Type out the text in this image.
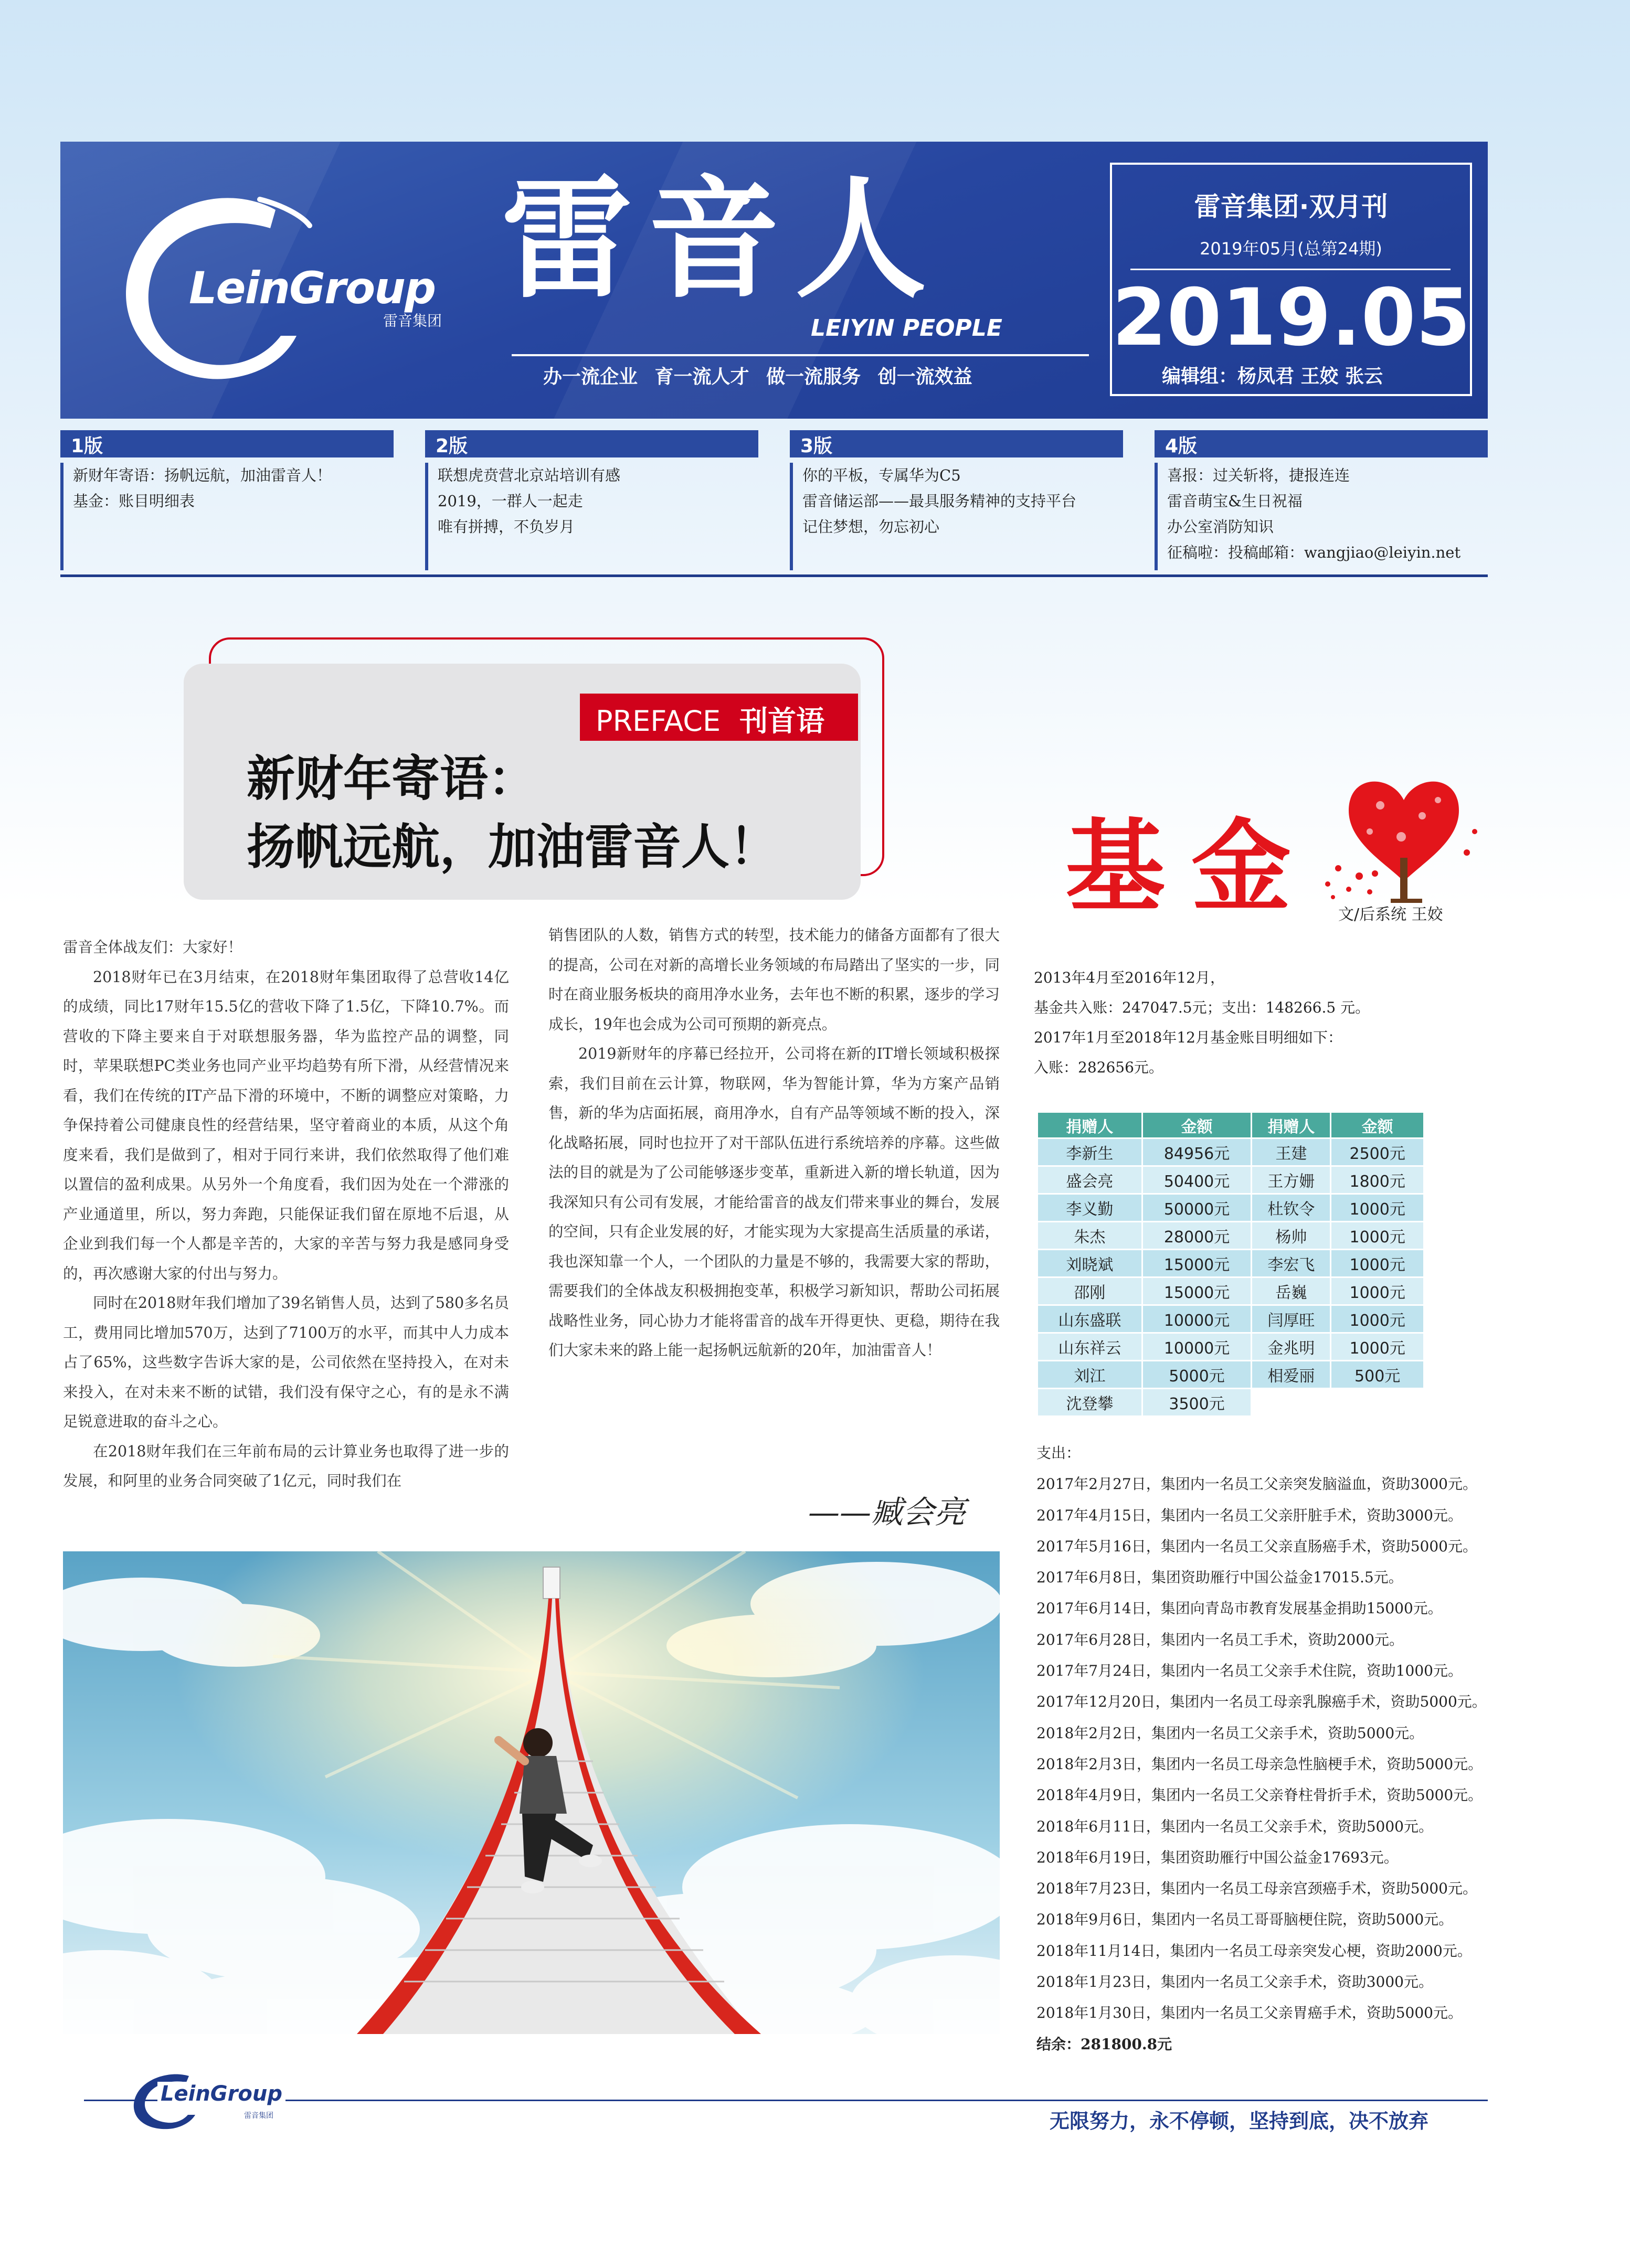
LeinGroup
雷音集团
雷音人
LEIYIN PEOPLE
办一流企业 育一流人才 做一流服务 创一流效益
雷音集团·双月刊
2019年05月(总第24期)
2019.05
编辑组：杨凤君 王姣 张云
1版
新财年寄语：扬帆远航，加油雷音人！
基金：账目明细表
2版
联想虎贲营北京站培训有感
2019，一群人一起走
唯有拼搏，不负岁月
3版
你的平板，专属华为C5
雷音储运部——最具服务精神的支持平台
记住梦想，勿忘初心
4版
喜报：过关斩将，捷报连连
雷音萌宝&生日祝福
办公室消防知识
征稿啦：投稿邮箱：wangjiao@leiyin.net
PREFACE 刊首语
新财年寄语：
扬帆远航，加油雷音人！	基金 文/后系统 王姣

雷音全体战友们：大家好！

2018财年已在3月结束，在2018财年集团取得了总营收14亿的成绩，同比17财年15.5亿的营收下降了1.5亿，下降10.7%。而营收的下降主要来自于对联想服务器，华为监控产品的调整，同时，苹果联想PC类业务也同产业平均趋势有所下滑，从经营情况来看，我们在传统的IT产品下滑的环境中，不断的调整应对策略，力争保持着公司健康良性的经营结果，坚守着商业的本质，从这个角度来看，我们是做到了，相对于同行来讲，我们依然取得了他们难以置信的盈利成果。从另外一个角度看，我们因为处在一个滞涨的产业通道里，所以，努力奔跑，只能保证我们留在原地不后退，从企业到我们每一个人都是辛苦的，大家的辛苦与努力我是感同身受的，再次感谢大家的付出与努力。

同时在2018财年我们增加了39名销售人员，达到了580多名员工，费用同比增加570万，达到了7100万的水平，而其中人力成本占了65%，这些数字告诉大家的是，公司依然在坚持投入，在对未来投入，在对未来不断的试错，我们没有保守之心，有的是永不满足锐意进取的奋斗之心。

在2018财年我们在三年前布局的云计算业务也取得了进一步的发展，和阿里的业务合同突破了1亿元，同时我们在

销售团队的人数，销售方式的转型，技术能力的储备方面都有了很大的提高，公司在对新的高增长业务领域的布局踏出了坚实的一步，同时在商业服务板块的商用净水业务，去年也不断的积累，逐步的学习成长，19年也会成为公司可预期的新亮点。

2019新财年的序幕已经拉开，公司将在新的IT增长领域积极探索，我们目前在云计算，物联网，华为智能计算，华为方案产品销售，新的华为店面拓展，商用净水，自有产品等领域不断的投入，深化战略拓展，同时也拉开了对干部队伍进行系统培养的序幕。这些做法的目的就是为了公司能够逐步变革，重新进入新的增长轨道，因为我深知只有公司有发展，才能给雷音的战友们带来事业的舞台，发展的空间，只有企业发展的好，才能实现为大家提高生活质量的承诺，我也深知靠一个人，一个团队的力量是不够的，我需要大家的帮助，需要我们的全体战友积极拥抱变革，积极学习新知识，帮助公司拓展战略性业务，同心协力才能将雷音的战车开得更快、更稳，期待在我们大家未来的路上能一起扬帆远航新的20年，加油雷音人！

——臧会亮
2013年4月至2016年12月，
基金共入账：247047.5元；支出：148266.5 元。
2017年1月至2018年12月基金账目明细如下：
入账：282656元。
捐赠人	金额	捐赠人	金额
李新生	84956元	王建	2500元
盛会亮	50400元	王方姗	1800元
李义勤	50000元	杜钦令	1000元
朱杰	28000元	杨帅	1000元
刘晓斌	15000元	李宏飞	1000元
邵刚	15000元	岳巍	1000元
山东盛联	10000元	闫厚旺	1000元
山东祥云	10000元	金兆明	1000元
刘江	5000元	相爱丽	500元
沈登攀	3500元		
支出：
2017年2月27日，集团内一名员工父亲突发脑溢血，资助3000元。
2017年4月15日，集团内一名员工父亲肝脏手术，资助3000元。
2017年5月16日，集团内一名员工父亲直肠癌手术，资助5000元。
2017年6月8日，集团资助雁行中国公益金17015.5元。
2017年6月14日，集团向青岛市教育发展基金捐助15000元。
2017年6月28日，集团内一名员工手术，资助2000元。
2017年7月24日，集团内一名员工父亲手术住院，资助1000元。
2017年12月20日，集团内一名员工母亲乳腺癌手术，资助5000元。
2018年2月2日，集团内一名员工父亲手术，资助5000元。
2018年2月3日，集团内一名员工母亲急性脑梗手术，资助5000元。
2018年4月9日，集团内一名员工父亲脊柱骨折手术，资助5000元。
2018年6月11日，集团内一名员工父亲手术，资助5000元。
2018年6月19日，集团资助雁行中国公益金17693元。
2018年7月23日，集团内一名员工母亲宫颈癌手术，资助5000元。
2018年9月6日，集团内一名员工哥哥脑梗住院，资助5000元。
2018年11月14日，集团内一名员工母亲突发心梗，资助2000元。
2018年1月23日，集团内一名员工父亲手术，资助3000元。
2018年1月30日，集团内一名员工父亲胃癌手术，资助5000元。
结余：281800.8元
LeinGroup
雷音集团	无限努力，永不停顿，坚持到底，决不放弃
